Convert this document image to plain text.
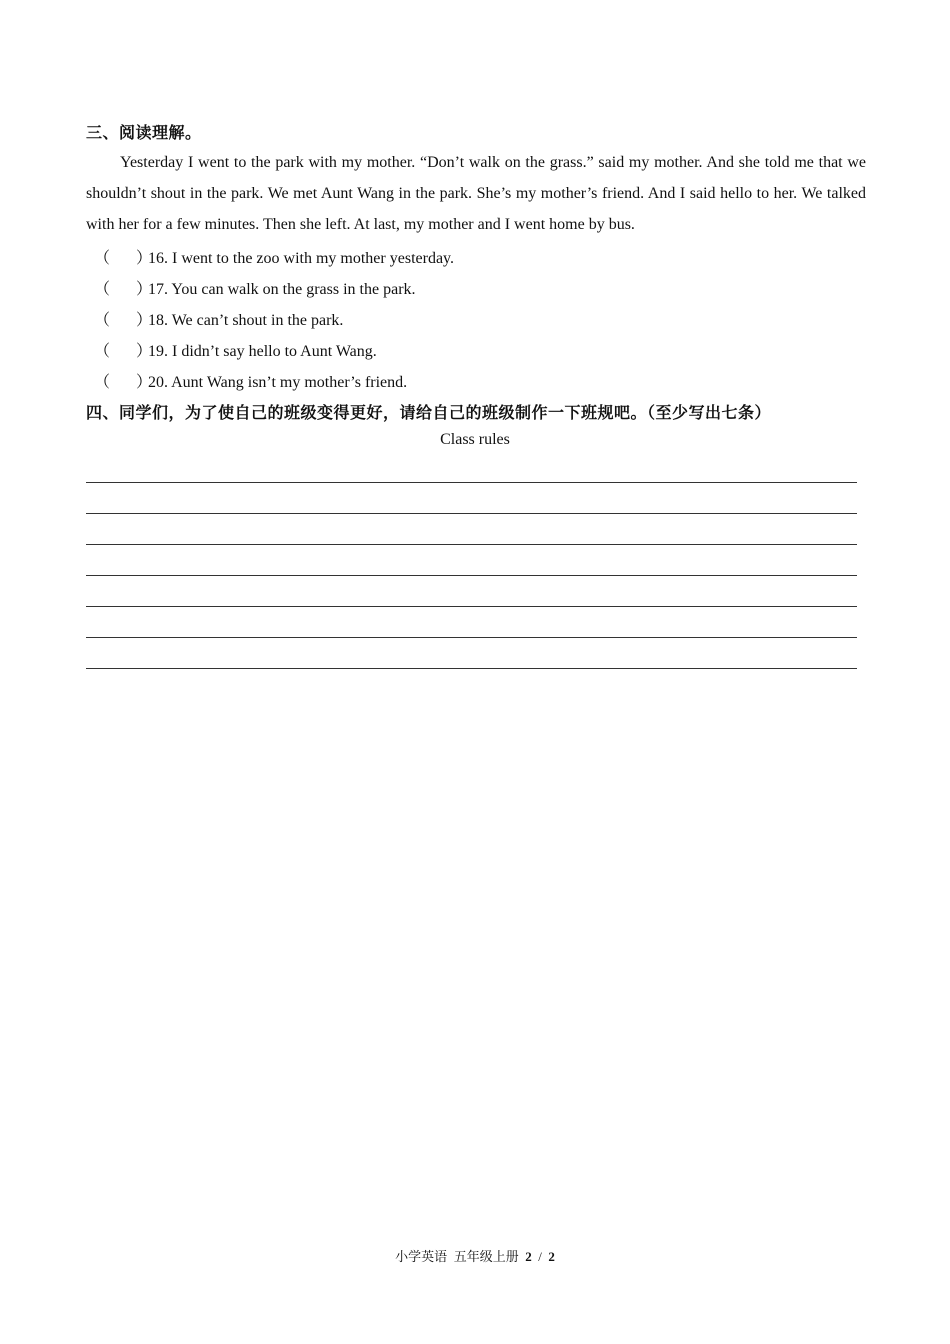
三、阅读理解。
Yesterday I went to the park with my mother. “Don’t walk on the grass.” said my mother. And she told me that we shouldn’t shout in the park. We met Aunt Wang in the park. She’s my mother’s friend. And I said hello to her. We talked with her for a few minutes. Then she left. At last, my mother and I went home by bus.
（ ）16. I went to the zoo with my mother yesterday.
（ ）17. You can walk on the grass in the park.
（ ）18. We can’t shout in the park.
（ ）19. I didn’t say hello to Aunt Wang.
（ ）20. Aunt Wang isn’t my mother’s friend.
四、同学们，为了使自己的班级变得更好，请给自己的班级制作一下班规吧。（至少写出七条）
Class rules
小学英语 五年级上册 2 / 2
